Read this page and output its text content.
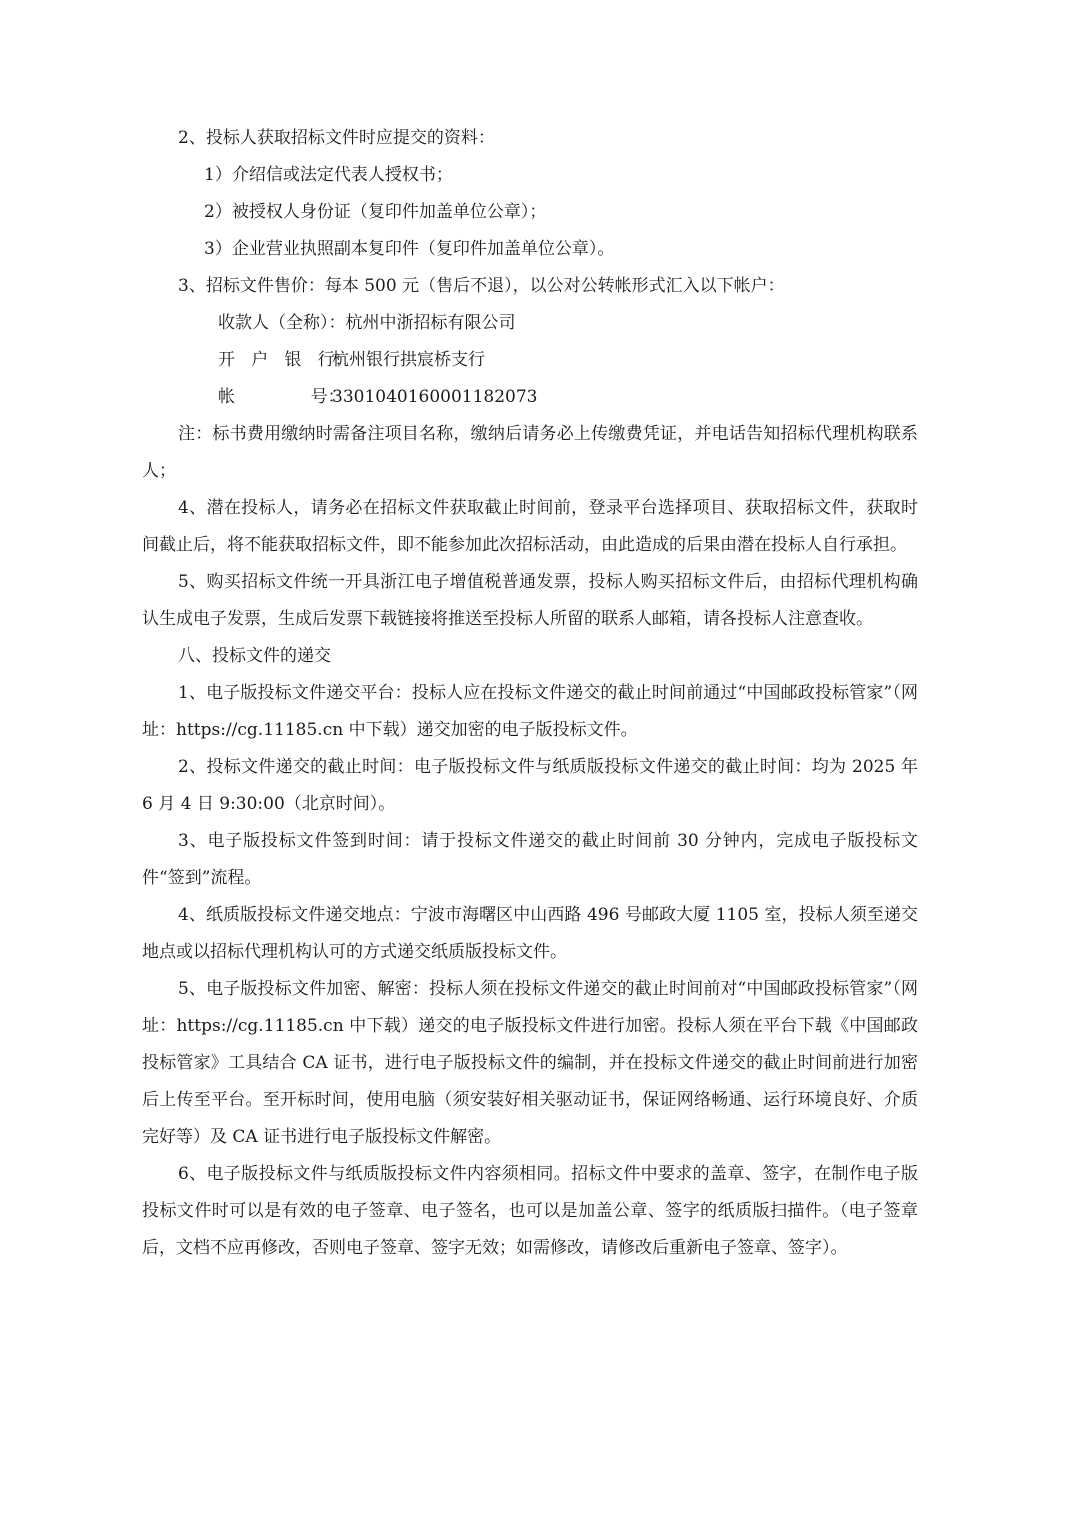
2、投标人获取招标文件时应提交的资料：

1）介绍信或法定代表人授权书；

2）被授权人身份证（复印件加盖单位公章）；

3）企业营业执照副本复印件（复印件加盖单位公章）。

3、招标文件售价：每本 500 元（售后不退），以公对公转帐形式汇入以下帐户：

收款人（全称）：杭州中浙招标有限公司

开   户   银   行：杭州银行拱宸桥支行

帐              号：3301040160001182073

注：标书费用缴纳时需备注项目名称，缴纳后请务必上传缴费凭证，并电话告知招标代理机构联系人；

4、潜在投标人，请务必在招标文件获取截止时间前，登录平台选择项目、获取招标文件，获取时间截止后，将不能获取招标文件，即不能参加此次招标活动，由此造成的后果由潜在投标人自行承担。

5、购买招标文件统一开具浙江电子增值税普通发票，投标人购买招标文件后，由招标代理机构确认生成电子发票，生成后发票下载链接将推送至投标人所留的联系人邮箱，请各投标人注意查收。

八、投标文件的递交

1、电子版投标文件递交平台：投标人应在投标文件递交的截止时间前通过“中国邮政投标管家”（网址：https://cg.11185.cn 中下载）递交加密的电子版投标文件。

2、投标文件递交的截止时间：电子版投标文件与纸质版投标文件递交的截止时间：均为 2025 年 6 月 4 日 9:30:00（北京时间）。

3、电子版投标文件签到时间：请于投标文件递交的截止时间前 30 分钟内，完成电子版投标文件“签到”流程。

4、纸质版投标文件递交地点：宁波市海曙区中山西路 496 号邮政大厦 1105 室，投标人须至递交地点或以招标代理机构认可的方式递交纸质版投标文件。

5、电子版投标文件加密、解密：投标人须在投标文件递交的截止时间前对“中国邮政投标管家”（网址：https://cg.11185.cn 中下载）递交的电子版投标文件进行加密。投标人须在平台下载《中国邮政投标管家》工具结合 CA 证书，进行电子版投标文件的编制，并在投标文件递交的截止时间前进行加密后上传至平台。至开标时间，使用电脑（须安装好相关驱动证书，保证网络畅通、运行环境良好、介质完好等）及 CA 证书进行电子版投标文件解密。

6、电子版投标文件与纸质版投标文件内容须相同。招标文件中要求的盖章、签字，在制作电子版投标文件时可以是有效的电子签章、电子签名，也可以是加盖公章、签字的纸质版扫描件。（电子签章后，文档不应再修改，否则电子签章、签字无效；如需修改，请修改后重新电子签章、签字）。
